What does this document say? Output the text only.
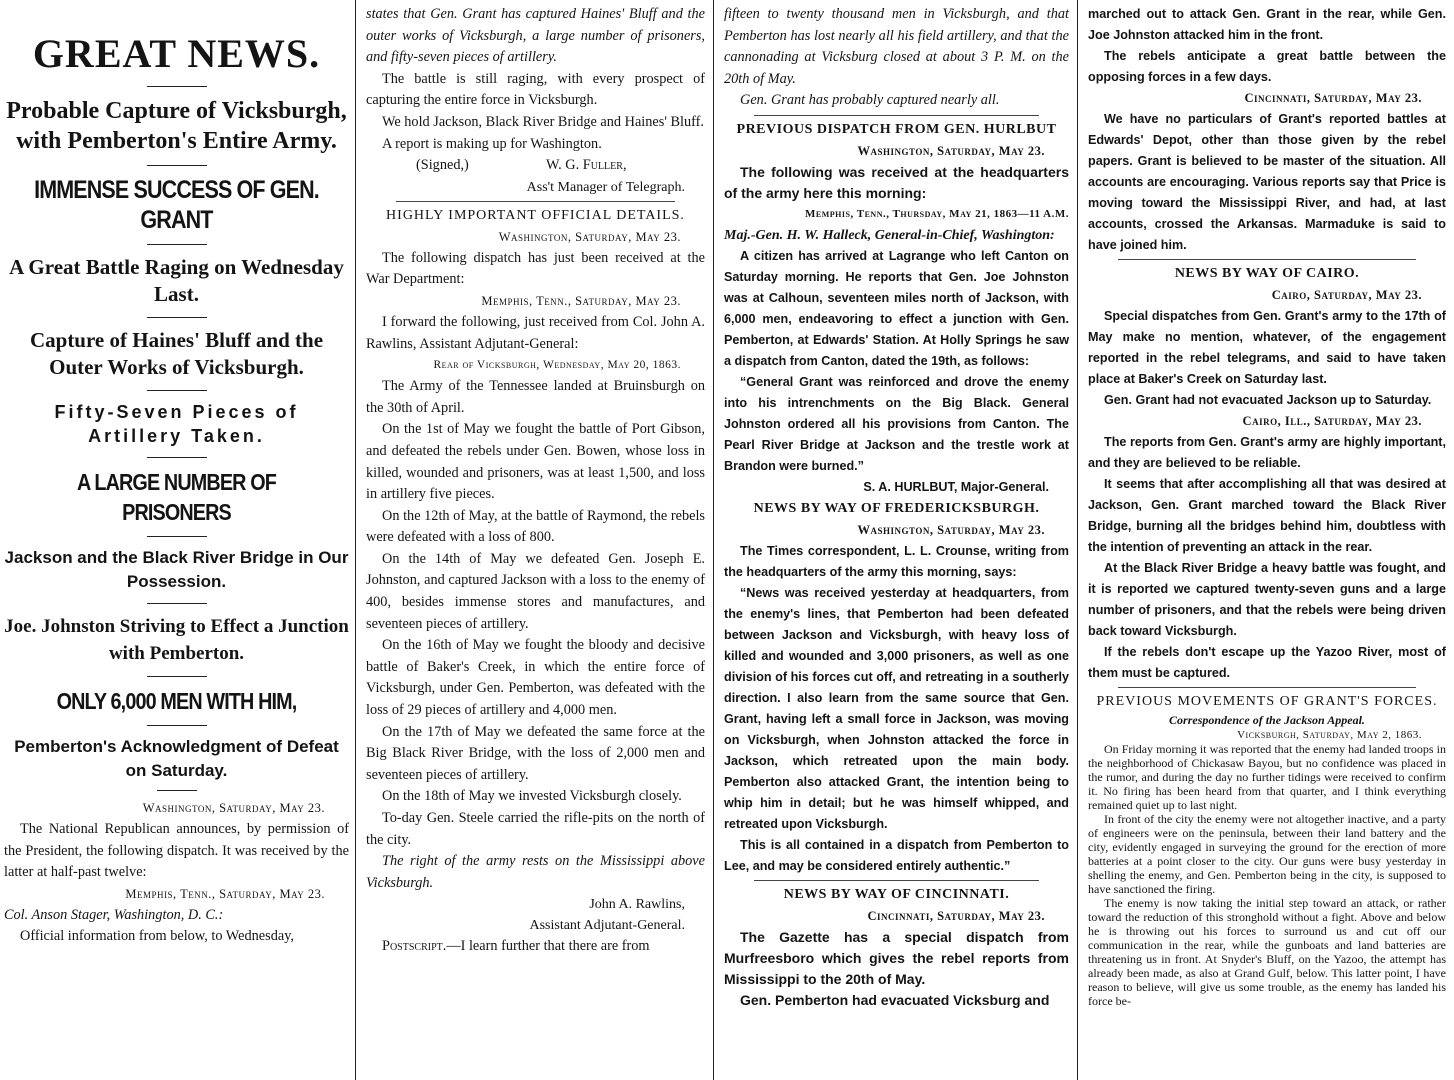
GREAT NEWS.
Probable Capture of Vicksburgh, with Pemberton's Entire Army.
IMMENSE SUCCESS OF GEN. GRANT
A Great Battle Raging on Wednesday Last.
Capture of Haines' Bluff and the Outer Works of Vicksburgh.
Fifty-Seven Pieces of Artillery Taken.
A LARGE NUMBER OF PRISONERS
Jackson and the Black River Bridge in Our Possession.
Joe. Johnston Striving to Effect a Junction with Pemberton.
ONLY 6,000 MEN WITH HIM,
Pemberton's Acknowledgment of Defeat on Saturday.

Washington, Saturday, May 23.

The National Republican announces, by permission of the President, the following dispatch. It was received by the latter at half-past twelve:

Memphis, Tenn., Saturday, May 23.

Col. Anson Stager, Washington, D. C.:

Official information from below, to Wednesday,

states that Gen. Grant has captured Haines' Bluff and the outer works of Vicksburgh, a large number of prisoners, and fifty-seven pieces of artillery.

The battle is still raging, with every prospect of capturing the entire force in Vicksburgh.

We hold Jackson, Black River Bridge and Haines' Bluff.

A report is making up for Washington.

(Signed,)	W. G. Fuller,

Ass't Manager of Telegraph.

HIGHLY IMPORTANT OFFICIAL DETAILS.

Washington, Saturday, May 23.

The following dispatch has just been received at the War Department:

Memphis, Tenn., Saturday, May 23.

I forward the following, just received from Col. John A. Rawlins, Assistant Adjutant-General:

Rear of Vicksburgh, Wednesday, May 20, 1863.

The Army of the Tennessee landed at Bruinsburgh on the 30th of April.

On the 1st of May we fought the battle of Port Gibson, and defeated the rebels under Gen. Bowen, whose loss in killed, wounded and prisoners, was at least 1,500, and loss in artillery five pieces.

On the 12th of May, at the battle of Raymond, the rebels were defeated with a loss of 800.

On the 14th of May we defeated Gen. Joseph E. Johnston, and captured Jackson with a loss to the enemy of 400, besides immense stores and manufactures, and seventeen pieces of artillery.

On the 16th of May we fought the bloody and decisive battle of Baker's Creek, in which the entire force of Vicksburgh, under Gen. Pemberton, was defeated with the loss of 29 pieces of artillery and 4,000 men.

On the 17th of May we defeated the same force at the Big Black River Bridge, with the loss of 2,000 men and seventeen pieces of artillery.

On the 18th of May we invested Vicksburgh closely.

To-day Gen. Steele carried the rifle-pits on the north of the city.

The right of the army rests on the Mississippi above Vicksburgh.

John A. Rawlins,

Assistant Adjutant-General.

Postscript.—I learn further that there are from

fifteen to twenty thousand men in Vicksburgh, and that Pemberton has lost nearly all his field artillery, and that the cannonading at Vicksburg closed at about 3 P. M. on the 20th of May.

Gen. Grant has probably captured nearly all.

PREVIOUS DISPATCH FROM GEN. HURLBUT

Washington, Saturday, May 23.

The following was received at the headquarters of the army here this morning:

Memphis, Tenn., Thursday, May 21, 1863—11 A.M.

Maj.-Gen. H. W. Halleck, General-in-Chief, Washington:

A citizen has arrived at Lagrange who left Canton on Saturday morning. He reports that Gen. Joe Johnston was at Calhoun, seventeen miles north of Jackson, with 6,000 men, endeavoring to effect a junction with Gen. Pemberton, at Edwards' Station. At Holly Springs he saw a dispatch from Canton, dated the 19th, as follows:

“General Grant was reinforced and drove the enemy into his intrenchments on the Big Black. General Johnston ordered all his provisions from Canton. The Pearl River Bridge at Jackson and the trestle work at Brandon were burned.”

S. A. HURLBUT, Major-General.

NEWS BY WAY OF FREDERICKSBURGH.

Washington, Saturday, May 23.

The Times correspondent, L. L. Crounse, writing from the headquarters of the army this morning, says:

“News was received yesterday at headquarters, from the enemy's lines, that Pemberton had been defeated between Jackson and Vicksburgh, with heavy loss of killed and wounded and 3,000 prisoners, as well as one division of his forces cut off, and retreating in a southerly direction. I also learn from the same source that Gen. Grant, having left a small force in Jackson, was moving on Vicksburgh, when Johnston attacked the force in Jackson, which retreated upon the main body. Pemberton also attacked Grant, the intention being to whip him in detail; but he was himself whipped, and retreated upon Vicksburgh.

This is all contained in a dispatch from Pemberton to Lee, and may be considered entirely authentic.”

NEWS BY WAY OF CINCINNATI.

Cincinnati, Saturday, May 23.

The Gazette has a special dispatch from Murfreesboro which gives the rebel reports from Mississippi to the 20th of May.

Gen. Pemberton had evacuated Vicksburg and

marched out to attack Gen. Grant in the rear, while Gen. Joe Johnston attacked him in the front.

The rebels anticipate a great battle between the opposing forces in a few days.

Cincinnati, Saturday, May 23.

We have no particulars of Grant's reported battles at Edwards' Depot, other than those given by the rebel papers. Grant is believed to be master of the situation. All accounts are encouraging. Various reports say that Price is moving toward the Mississippi River, and had, at last accounts, crossed the Arkansas. Marmaduke is said to have joined him.

NEWS BY WAY OF CAIRO.

Cairo, Saturday, May 23.

Special dispatches from Gen. Grant's army to the 17th of May make no mention, whatever, of the engagement reported in the rebel telegrams, and said to have taken place at Baker's Creek on Saturday last.

Gen. Grant had not evacuated Jackson up to Saturday.

Cairo, Ill., Saturday, May 23.

The reports from Gen. Grant's army are highly important, and they are believed to be reliable.

It seems that after accomplishing all that was desired at Jackson, Gen. Grant marched toward the Black River Bridge, burning all the bridges behind him, doubtless with the intention of preventing an attack in the rear.

At the Black River Bridge a heavy battle was fought, and it is reported we captured twenty-seven guns and a large number of prisoners, and that the rebels were being driven back toward Vicksburgh.

If the rebels don't escape up the Yazoo River, most of them must be captured.

PREVIOUS MOVEMENTS OF GRANT'S FORCES.

Correspondence of the Jackson Appeal.

Vicksburgh, Saturday, May 2, 1863.

On Friday morning it was reported that the enemy had landed troops in the neighborhood of Chickasaw Bayou, but no confidence was placed in the rumor, and during the day no further tidings were received to confirm it. No firing has been heard from that quarter, and I think everything remained quiet up to last night.

In front of the city the enemy were not altogether inactive, and a party of engineers were on the peninsula, between their land battery and the city, evidently engaged in surveying the ground for the erection of more batteries at a point closer to the city. Our guns were busy yesterday in shelling the enemy, and Gen. Pemberton being in the city, is supposed to have sanctioned the firing.

The enemy is now taking the initial step toward an attack, or rather toward the reduction of this stronghold without a fight. Above and below he is throwing out his forces to surround us and cut off our communication in the rear, while the gunboats and land batteries are threatening us in front. At Snyder's Bluff, on the Yazoo, the attempt has already been made, as also at Grand Gulf, below. This latter point, I have reason to believe, will give us some trouble, as the enemy has landed his force be-
